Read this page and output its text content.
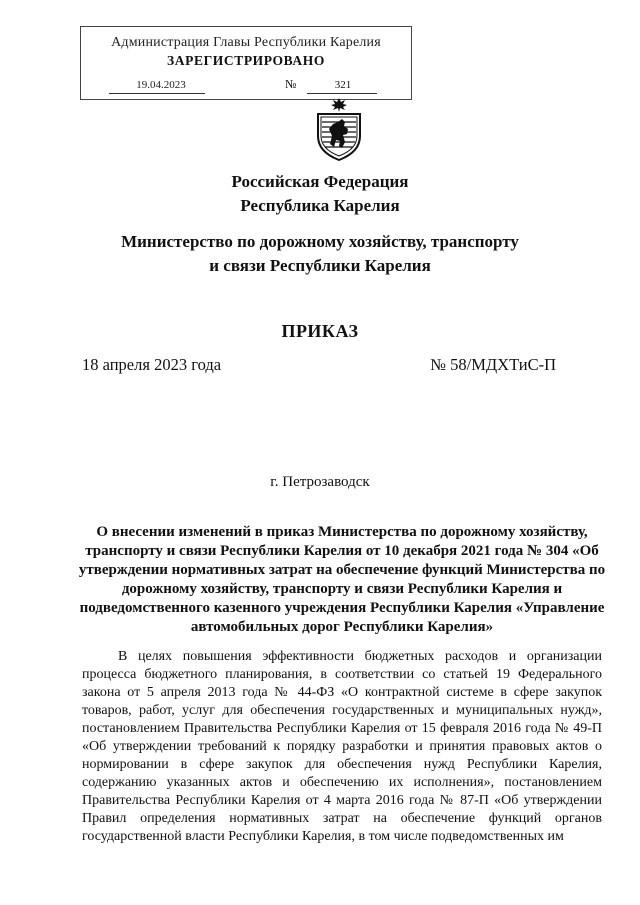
Администрация Главы Республики Карелия
ЗАРЕГИСТРИРОВАНО
19.04.2023	№	321
Российская Федерация
Республика Карелия
Министерство по дорожному хозяйству, транспорту
и связи Республики Карелия
ПРИКАЗ
18 апреля 2023 года	№ 58/МДХТиС-П
г. Петрозаводск
О внесении изменений в приказ Министерства по дорожному хозяйству, транспорту и связи Республики Карелия от 10 декабря 2021 года № 304 «Об утверждении нормативных затрат на обеспечение функций Министерства по дорожному хозяйству, транспорту и связи Республики Карелия и подведомственного казенного учреждения Республики Карелия «Управление автомобильных дорог Республики Карелия»
В целях повышения эффективности бюджетных расходов и организации процесса бюджетного планирования, в соответствии со статьей 19 Федерального закона от 5 апреля 2013 года № 44-ФЗ «О контрактной системе в сфере закупок товаров, работ, услуг для обеспечения государственных и муниципальных нужд», постановлением Правительства Республики Карелия от 15 февраля 2016 года № 49-П «Об утверждении требований к порядку разработки и принятия правовых актов о нормировании в сфере закупок для обеспечения нужд Республики Карелия, содержанию указанных актов и обеспечению их исполнения», постановлением Правительства Республики Карелия от 4 марта 2016 года № 87-П «Об утверждении Правил определения нормативных затрат на обеспечение функций органов государственной власти Республики Карелия, в том числе подведомственных им
